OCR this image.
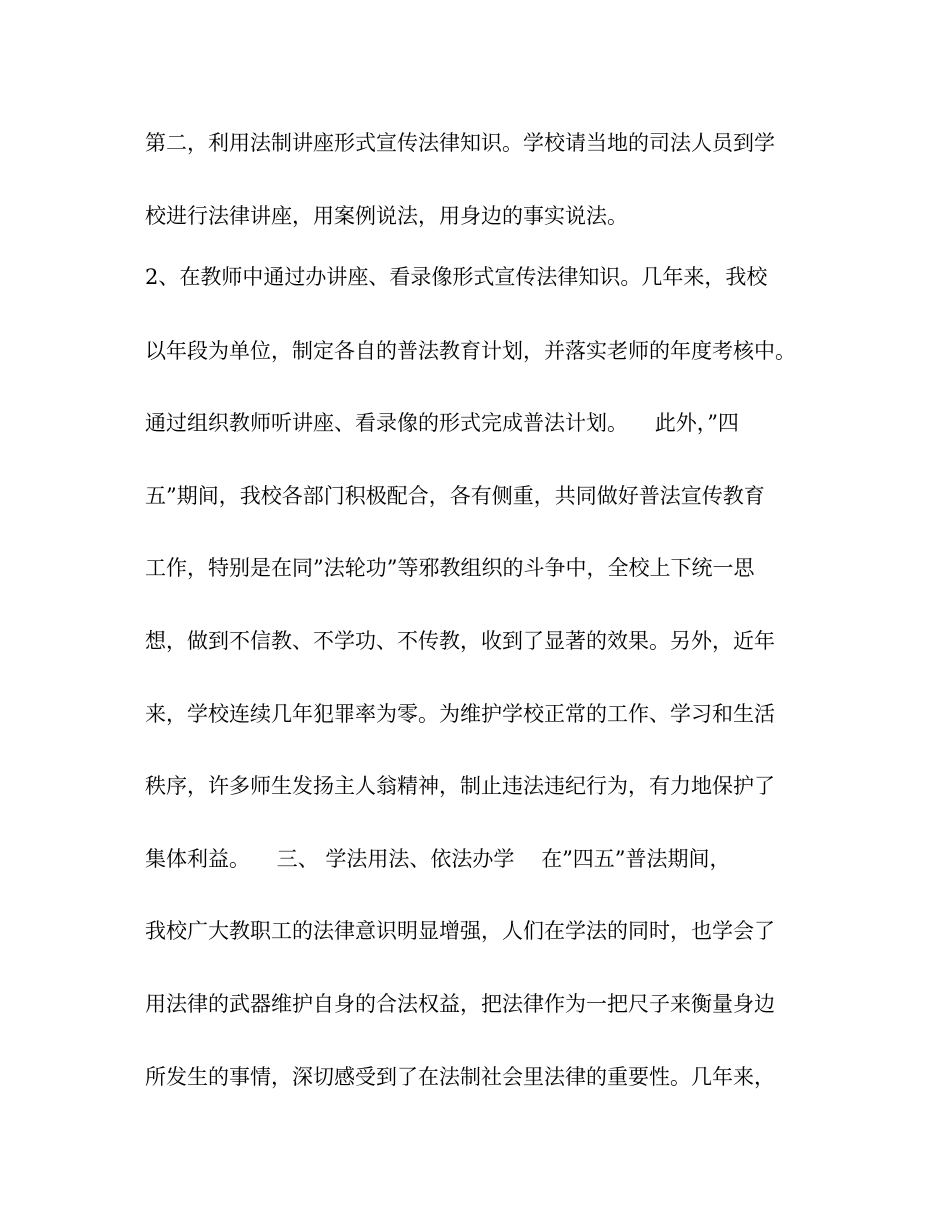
第二，利用法制讲座形式宣传法律知识。学校请当地的司法人员到学

校进行法律讲座，用案例说法，用身边的事实说法。

2、在教师中通过办讲座、看录像形式宣传法律知识。几年来，我校

以年段为单位，制定各自的普法教育计划，并落实老师的年度考核中。

通过组织教师听讲座、看录像的形式完成普法计划。    此外，”四

五”期间，我校各部门积极配合，各有侧重，共同做好普法宣传教育

工作，特别是在同”法轮功”等邪教组织的斗争中，全校上下统一思

想，做到不信教、不学功、不传教，收到了显著的效果。另外，近年

来，学校连续几年犯罪率为零。为维护学校正常的工作、学习和生活

秩序，许多师生发扬主人翁精神，制止违法违纪行为，有力地保护了

集体利益。    三、 学法用法、依法办学    在”四五”普法期间，

我校广大教职工的法律意识明显增强，人们在学法的同时，也学会了

用法律的武器维护自身的合法权益，把法律作为一把尺子来衡量身边

所发生的事情，深切感受到了在法制社会里法律的重要性。几年来，
